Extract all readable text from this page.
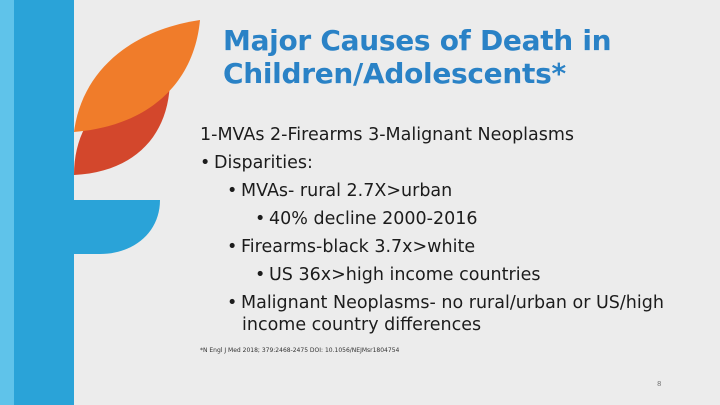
Major Causes of Death in
Children/Adolescents*
1-MVAs 2-Firearms 3-Malignant Neoplasms
• Disparities:
• MVAs- rural 2.7X>urban
• 40% decline 2000-2016
• Firearms-black 3.7x>white
• US 36x>high income countries
• Malignant Neoplasms- no rural/urban or US/high
income country differences
*N Engl J Med 2018; 379:2468-2475 DOI: 10.1056/NEJMsr1804754
8
